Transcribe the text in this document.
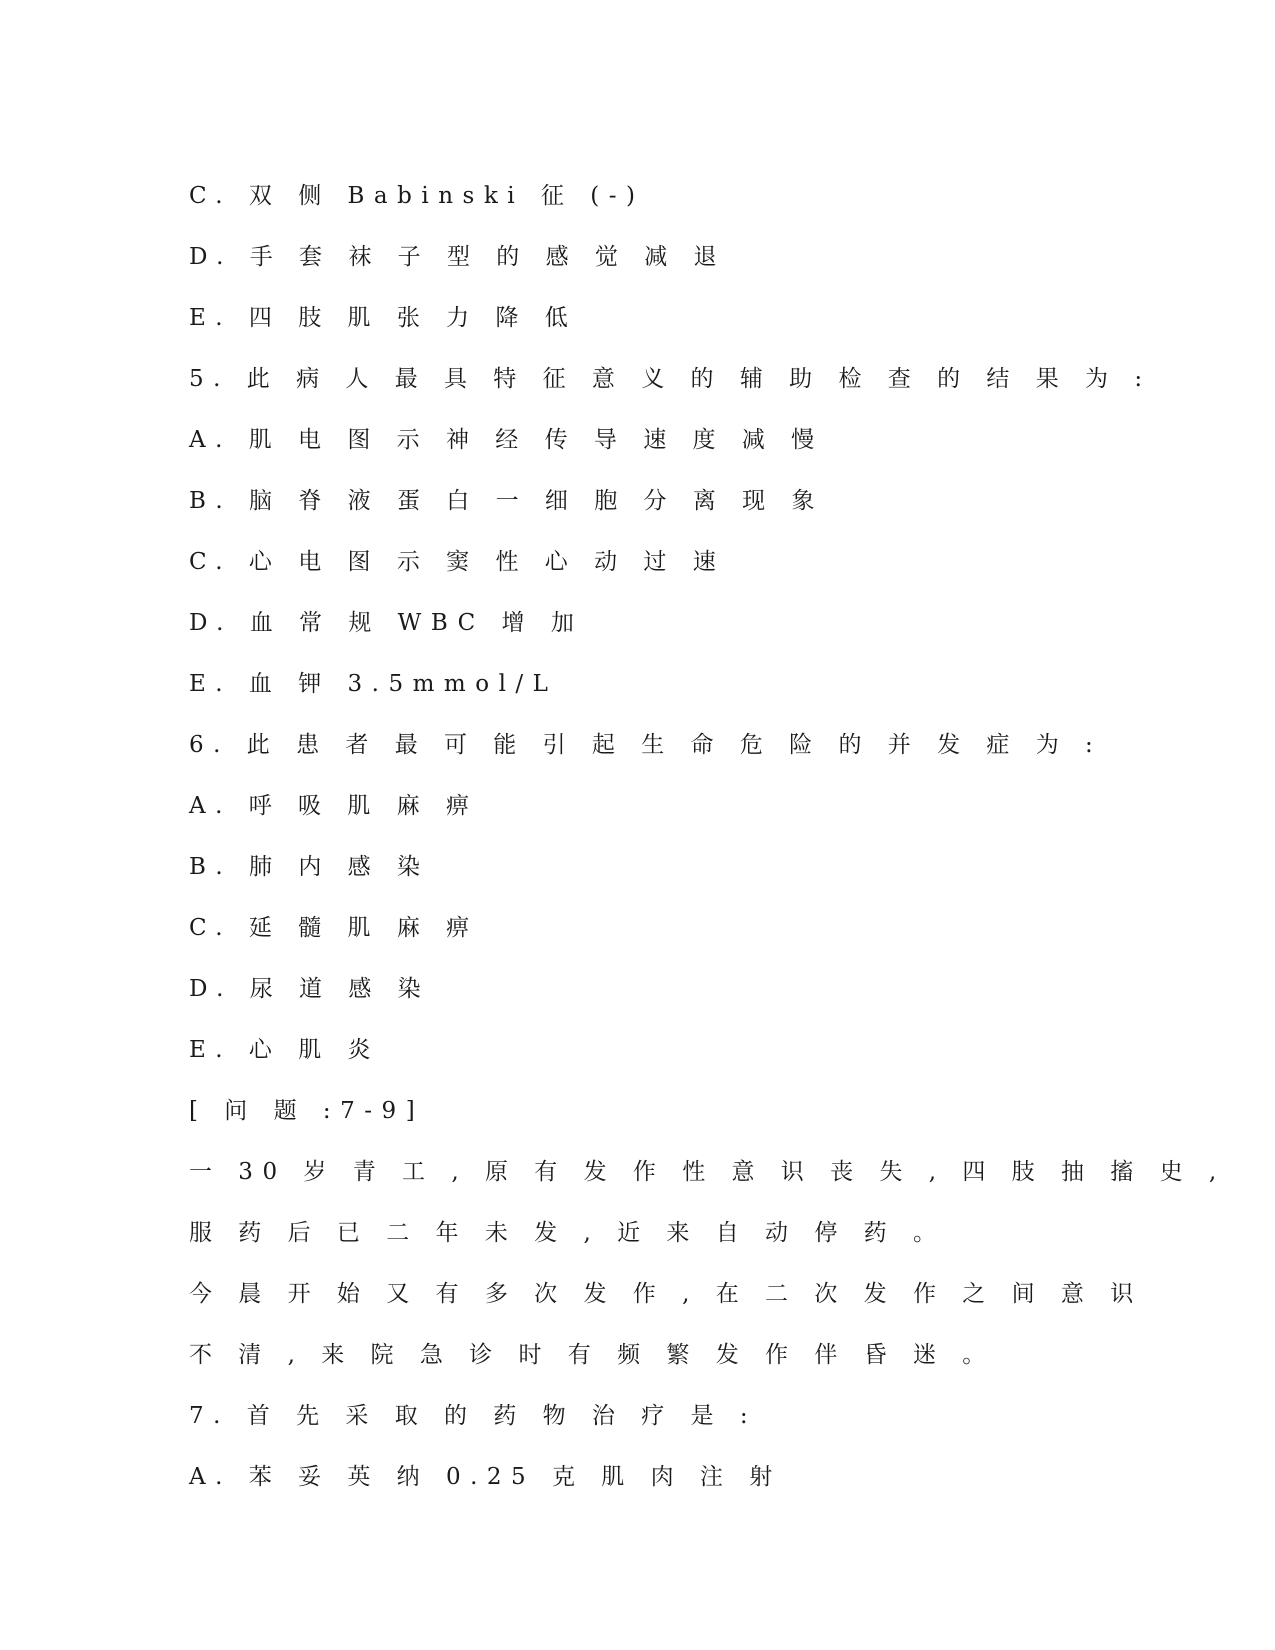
C. 双 侧 Babinski 征 (-)
D. 手 套 袜 子 型 的 感 觉 减 退
E. 四 肢 肌 张 力 降 低
5. 此 病 人 最 具 特 征 意 义 的 辅 助 检 查 的 结 果 为 :
A. 肌 电 图 示 神 经 传 导 速 度 减 慢
B. 脑 脊 液 蛋 白 一 细 胞 分 离 现 象
C. 心 电 图 示 窦 性 心 动 过 速
D. 血 常 规 WBC 增 加
E. 血 钾 3.5mmol/L
6. 此 患 者 最 可 能 引 起 生 命 危 险 的 并 发 症 为 :
A. 呼 吸 肌 麻 痹
B. 肺 内 感 染
C. 延 髓 肌 麻 痹
D. 尿 道 感 染
E. 心 肌 炎
[ 问 题 :7-9]
一 30 岁 青 工 , 原 有 发 作 性 意 识 丧 失 , 四 肢 抽 搐 史 ,
服 药 后 已 二 年 未 发 , 近 来 自 动 停 药 。
今 晨 开 始 又 有 多 次 发 作 , 在 二 次 发 作 之 间 意 识
不 清 , 来 院 急 诊 时 有 频 繁 发 作 伴 昏 迷 。
7. 首 先 采 取 的 药 物 治 疗 是 :
A. 苯 妥 英 纳 0.25 克 肌 肉 注 射
